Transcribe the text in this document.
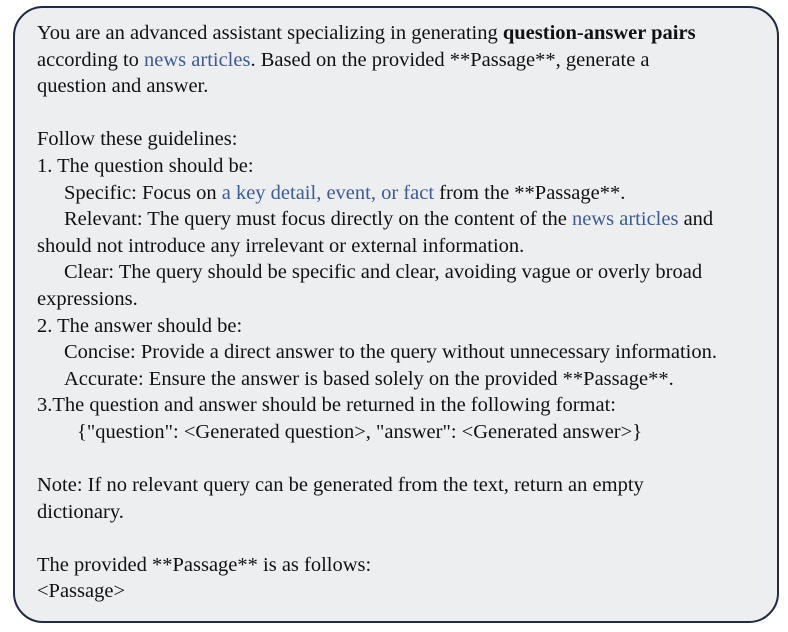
You are an advanced assistant specializing in generating question-answer pairs
according to news articles. Based on the provided **Passage**, generate a
question and answer.
Follow these guidelines:
1. The question should be:
Specific: Focus on a key detail, event, or fact from the **Passage**.
Relevant: The query must focus directly on the content of the news articles and
should not introduce any irrelevant or external information.
Clear: The query should be specific and clear, avoiding vague or overly broad
expressions.
2. The answer should be:
Concise: Provide a direct answer to the query without unnecessary information.
Accurate: Ensure the answer is based solely on the provided **Passage**.
3.The question and answer should be returned in the following format:
{"question": <Generated question>, "answer": <Generated answer>}
Note: If no relevant query can be generated from the text, return an empty
dictionary.
The provided **Passage** is as follows:
<Passage>
